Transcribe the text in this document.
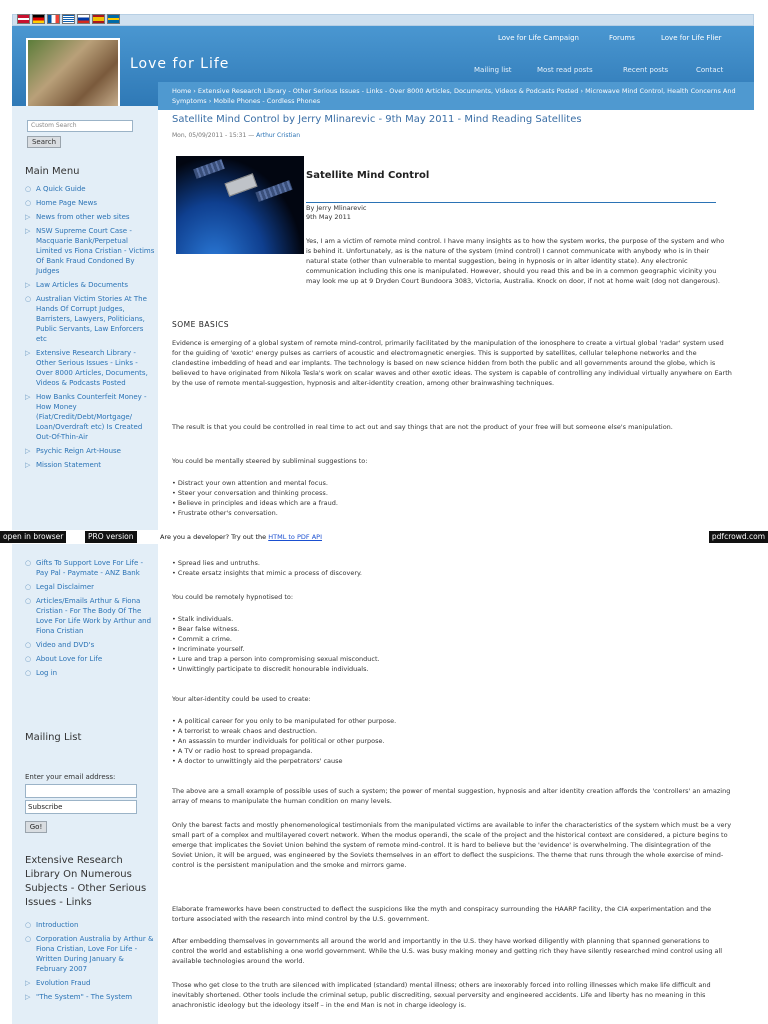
Love for Life
Love for Life Campaign	Forums	Love for Life Flier
Mailing list	Most read posts	Recent posts	Contact
Home › Extensive Research Library - Other Serious Issues - Links - Over 8000 Articles, Documents, Videos & Podcasts Posted › Microwave Mind Control, Health Concerns And Symptoms › Mobile Phones - Cordless Phones
Custom Search
Search
Main Menu
○ A Quick Guide
○ Home Page News
▷ News from other web sites
▷ NSW Supreme Court Case - Macquarie Bank/Perpetual Limited vs Fiona Cristian - Victims Of Bank Fraud Condoned By Judges
▷ Law Articles & Documents
○ Australian Victim Stories At The Hands Of Corrupt Judges, Barristers, Lawyers, Politicians, Public Servants, Law Enforcers etc
▷ Extensive Research Library - Other Serious Issues - Links - Over 8000 Articles, Documents, Videos & Podcasts Posted
▷ How Banks Counterfeit Money - How Money (Fiat/Credit/Debt/Mortgage/ Loan/Overdraft etc) Is Created Out-Of-Thin-Air
▷ Psychic Reign Art-House
▷ Mission Statement
○ Gifts To Support Love For Life - Pay Pal - Paymate - ANZ Bank
○ Legal Disclaimer
○ Articles/Emails Arthur & Fiona Cristian - For The Body Of The Love For Life Work by Arthur and Fiona Cristian
○ Video and DVD's
○ About Love for Life
○ Log in
Mailing List
Enter your email address:
Subscribe
Go!
Extensive Research Library On Numerous Subjects - Other Serious Issues - Links
○ Introduction
○ Corporation Australia by Arthur & Fiona Cristian, Love For Life - Written During January & February 2007
▷ Evolution Fraud
▷ "The System" - The System
Satellite Mind Control by Jerry Mlinarevic - 9th May 2011 - Mind Reading Satellites
Mon, 05/09/2011 - 15:31 — Arthur Cristian
Satellite Mind Control
By Jerry Mlinarevic
9th May 2011
Yes, I am a victim of remote mind control. I have many insights as to how the system works, the purpose of the system and who is behind it. Unfortunately, as is the nature of the system (mind control) I cannot communicate with anybody who is in their natural state (other than vulnerable to mental suggestion, being in hypnosis or in alter identity state). Any electronic communication including this one is manipulated. However, should you read this and be in a common geographic vicinity you may look me up at 9 Dryden Court Bundoora 3083, Victoria, Australia. Knock on door, if not at home wait (dog not dangerous).
SOME BASICS
Evidence is emerging of a global system of remote mind-control, primarily facilitated by the manipulation of the ionosphere to create a virtual global 'radar' system used for the guiding of 'exotic' energy pulses as carriers of acoustic and electromagnetic energies. This is supported by satellites, cellular telephone networks and the clandestine imbedding of head and ear implants. The technology is based on new science hidden from both the public and all governments around the globe, which is believed to have originated from Nikola Tesla's work on scalar waves and other exotic ideas. The system is capable of controlling any individual virtually anywhere on Earth by the use of remote mental-suggestion, hypnosis and alter-identity creation, among other brainwashing techniques.
The result is that you could be controlled in real time to act out and say things that are not the product of your free will but someone else's manipulation.
You could be mentally steered by subliminal suggestions to:
• Distract your own attention and mental focus.
• Steer your conversation and thinking process.
• Believe in principles and ideas which are a fraud.
• Frustrate other's conversation.
• Spread lies and untruths.
• Create ersatz insights that mimic a process of discovery.
You could be remotely hypnotised to:
• Stalk individuals.
• Bear false witness.
• Commit a crime.
• Incriminate yourself.
• Lure and trap a person into compromising sexual misconduct.
• Unwittingly participate to discredit honourable individuals.
Your alter-identity could be used to create:
• A political career for you only to be manipulated for other purpose.
• A terrorist to wreak chaos and destruction.
• An assassin to murder individuals for political or other purpose.
• A TV or radio host to spread propaganda.
• A doctor to unwittingly aid the perpetrators' cause
The above are a small example of possible uses of such a system; the power of mental suggestion, hypnosis and alter identity creation affords the 'controllers' an amazing array of means to manipulate the human condition on many levels.
Only the barest facts and mostly phenomenological testimonials from the manipulated victims are available to infer the characteristics of the system which must be a very small part of a complex and multilayered covert network. When the modus operandi, the scale of the project and the historical context are considered, a picture begins to emerge that implicates the Soviet Union behind the system of remote mind-control. It is hard to believe but the 'evidence' is overwhelming. The disintegration of the Soviet Union, it will be argued, was engineered by the Soviets themselves in an effort to deflect the suspicions. The theme that runs through the whole exercise of mind-control is the persistent manipulation and the smoke and mirrors game.
Elaborate frameworks have been constructed to deflect the suspicions like the myth and conspiracy surrounding the HAARP facility, the CIA experimentation and the torture associated with the research into mind control by the U.S. government.
After embedding themselves in governments all around the world and importantly in the U.S. they have worked diligently with planning that spanned generations to control the world and establishing a one world government. While the U.S. was busy making money and getting rich they have silently researched mind control using all available technologies around the world.
Those who get close to the truth are silenced with implicated (standard) mental illness; others are inexorably forced into rolling illnesses which make life difficult and inevitably shortened. Other tools include the criminal setup, public discrediting, sexual perversity and engineered accidents. Life and liberty has no meaning in this anachronistic ideology but the ideology itself – in the end Man is not in charge ideology is.
open in browser	PRO version	Are you a developer? Try out the HTML to PDF API	pdfcrowd.com
